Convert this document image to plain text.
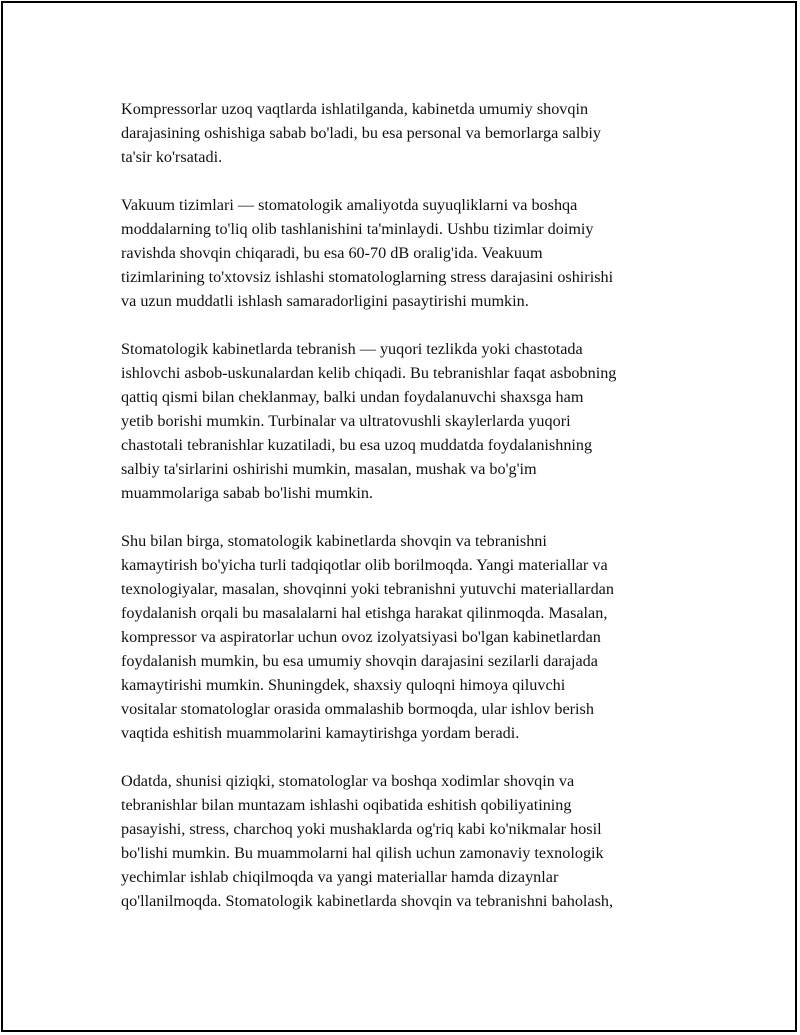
Kompressorlar uzoq vaqtlarda ishlatilganda, kabinetda umumiy shovqin
darajasining oshishiga sabab bo'ladi, bu esa personal va bemorlarga salbiy
ta'sir ko'rsatadi.

Vakuum tizimlari — stomatologik amaliyotda suyuqliklarni va boshqa
moddalarning to'liq olib tashlanishini ta'minlaydi. Ushbu tizimlar doimiy
ravishda shovqin chiqaradi, bu esa 60-70 dB oralig'ida. Veakuum
tizimlarining to'xtovsiz ishlashi stomatologlarning stress darajasini oshirishi
va uzun muddatli ishlash samaradorligini pasaytirishi mumkin.

Stomatologik kabinetlarda tebranish — yuqori tezlikda yoki chastotada
ishlovchi asbob-uskunalardan kelib chiqadi. Bu tebranishlar faqat asbobning
qattiq qismi bilan cheklanmay, balki undan foydalanuvchi shaxsga ham
yetib borishi mumkin. Turbinalar va ultratovushli skaylerlarda yuqori
chastotali tebranishlar kuzatiladi, bu esa uzoq muddatda foydalanishning
salbiy ta'sirlarini oshirishi mumkin, masalan, mushak va bo'g'im
muammolariga sabab bo'lishi mumkin.

Shu bilan birga, stomatologik kabinetlarda shovqin va tebranishni
kamaytirish bo'yicha turli tadqiqotlar olib borilmoqda. Yangi materiallar va
texnologiyalar, masalan, shovqinni yoki tebranishni yutuvchi materiallardan
foydalanish orqali bu masalalarni hal etishga harakat qilinmoqda. Masalan,
kompressor va aspiratorlar uchun ovoz izolyatsiyasi bo'lgan kabinetlardan
foydalanish mumkin, bu esa umumiy shovqin darajasini sezilarli darajada
kamaytirishi mumkin. Shuningdek, shaxsiy quloqni himoya qiluvchi
vositalar stomatologlar orasida ommalashib bormoqda, ular ishlov berish
vaqtida eshitish muammolarini kamaytirishga yordam beradi.

Odatda, shunisi qiziqki, stomatologlar va boshqa xodimlar shovqin va
tebranishlar bilan muntazam ishlashi oqibatida eshitish qobiliyatining
pasayishi, stress, charchoq yoki mushaklarda og'riq kabi ko'nikmalar hosil
bo'lishi mumkin. Bu muammolarni hal qilish uchun zamonaviy texnologik
yechimlar ishlab chiqilmoqda va yangi materiallar hamda dizaynlar
qo'llanilmoqda. Stomatologik kabinetlarda shovqin va tebranishni baholash,
